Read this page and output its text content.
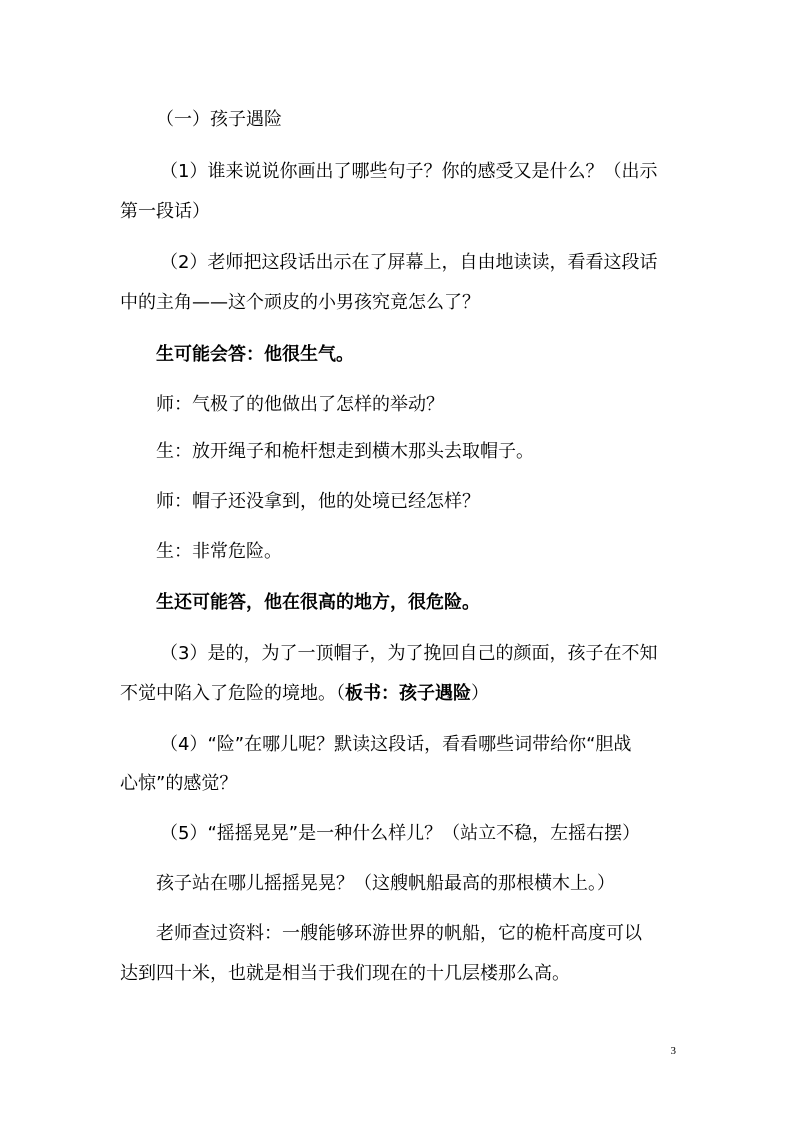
（一）孩子遇险
（1）谁来说说你画出了哪些句子？你的感受又是什么？（出示
第一段话）
（2）老师把这段话出示在了屏幕上，自由地读读，看看这段话
中的主角——这个顽皮的小男孩究竟怎么了？
生可能会答：他很生气。
师：气极了的他做出了怎样的举动？
生：放开绳子和桅杆想走到横木那头去取帽子。
师：帽子还没拿到，他的处境已经怎样？
生：非常危险。
生还可能答，他在很高的地方，很危险。
（3）是的，为了一顶帽子，为了挽回自己的颜面，孩子在不知
不觉中陷入了危险的境地。（板书：孩子遇险）
（4）“险”在哪儿呢？默读这段话，看看哪些词带给你“胆战
心惊”的感觉？
（5）“摇摇晃晃”是一种什么样儿？（站立不稳，左摇右摆）
孩子站在哪儿摇摇晃晃？（这艘帆船最高的那根横木上。）
老师查过资料：一艘能够环游世界的帆船，它的桅杆高度可以
达到四十米，也就是相当于我们现在的十几层楼那么高。
3
